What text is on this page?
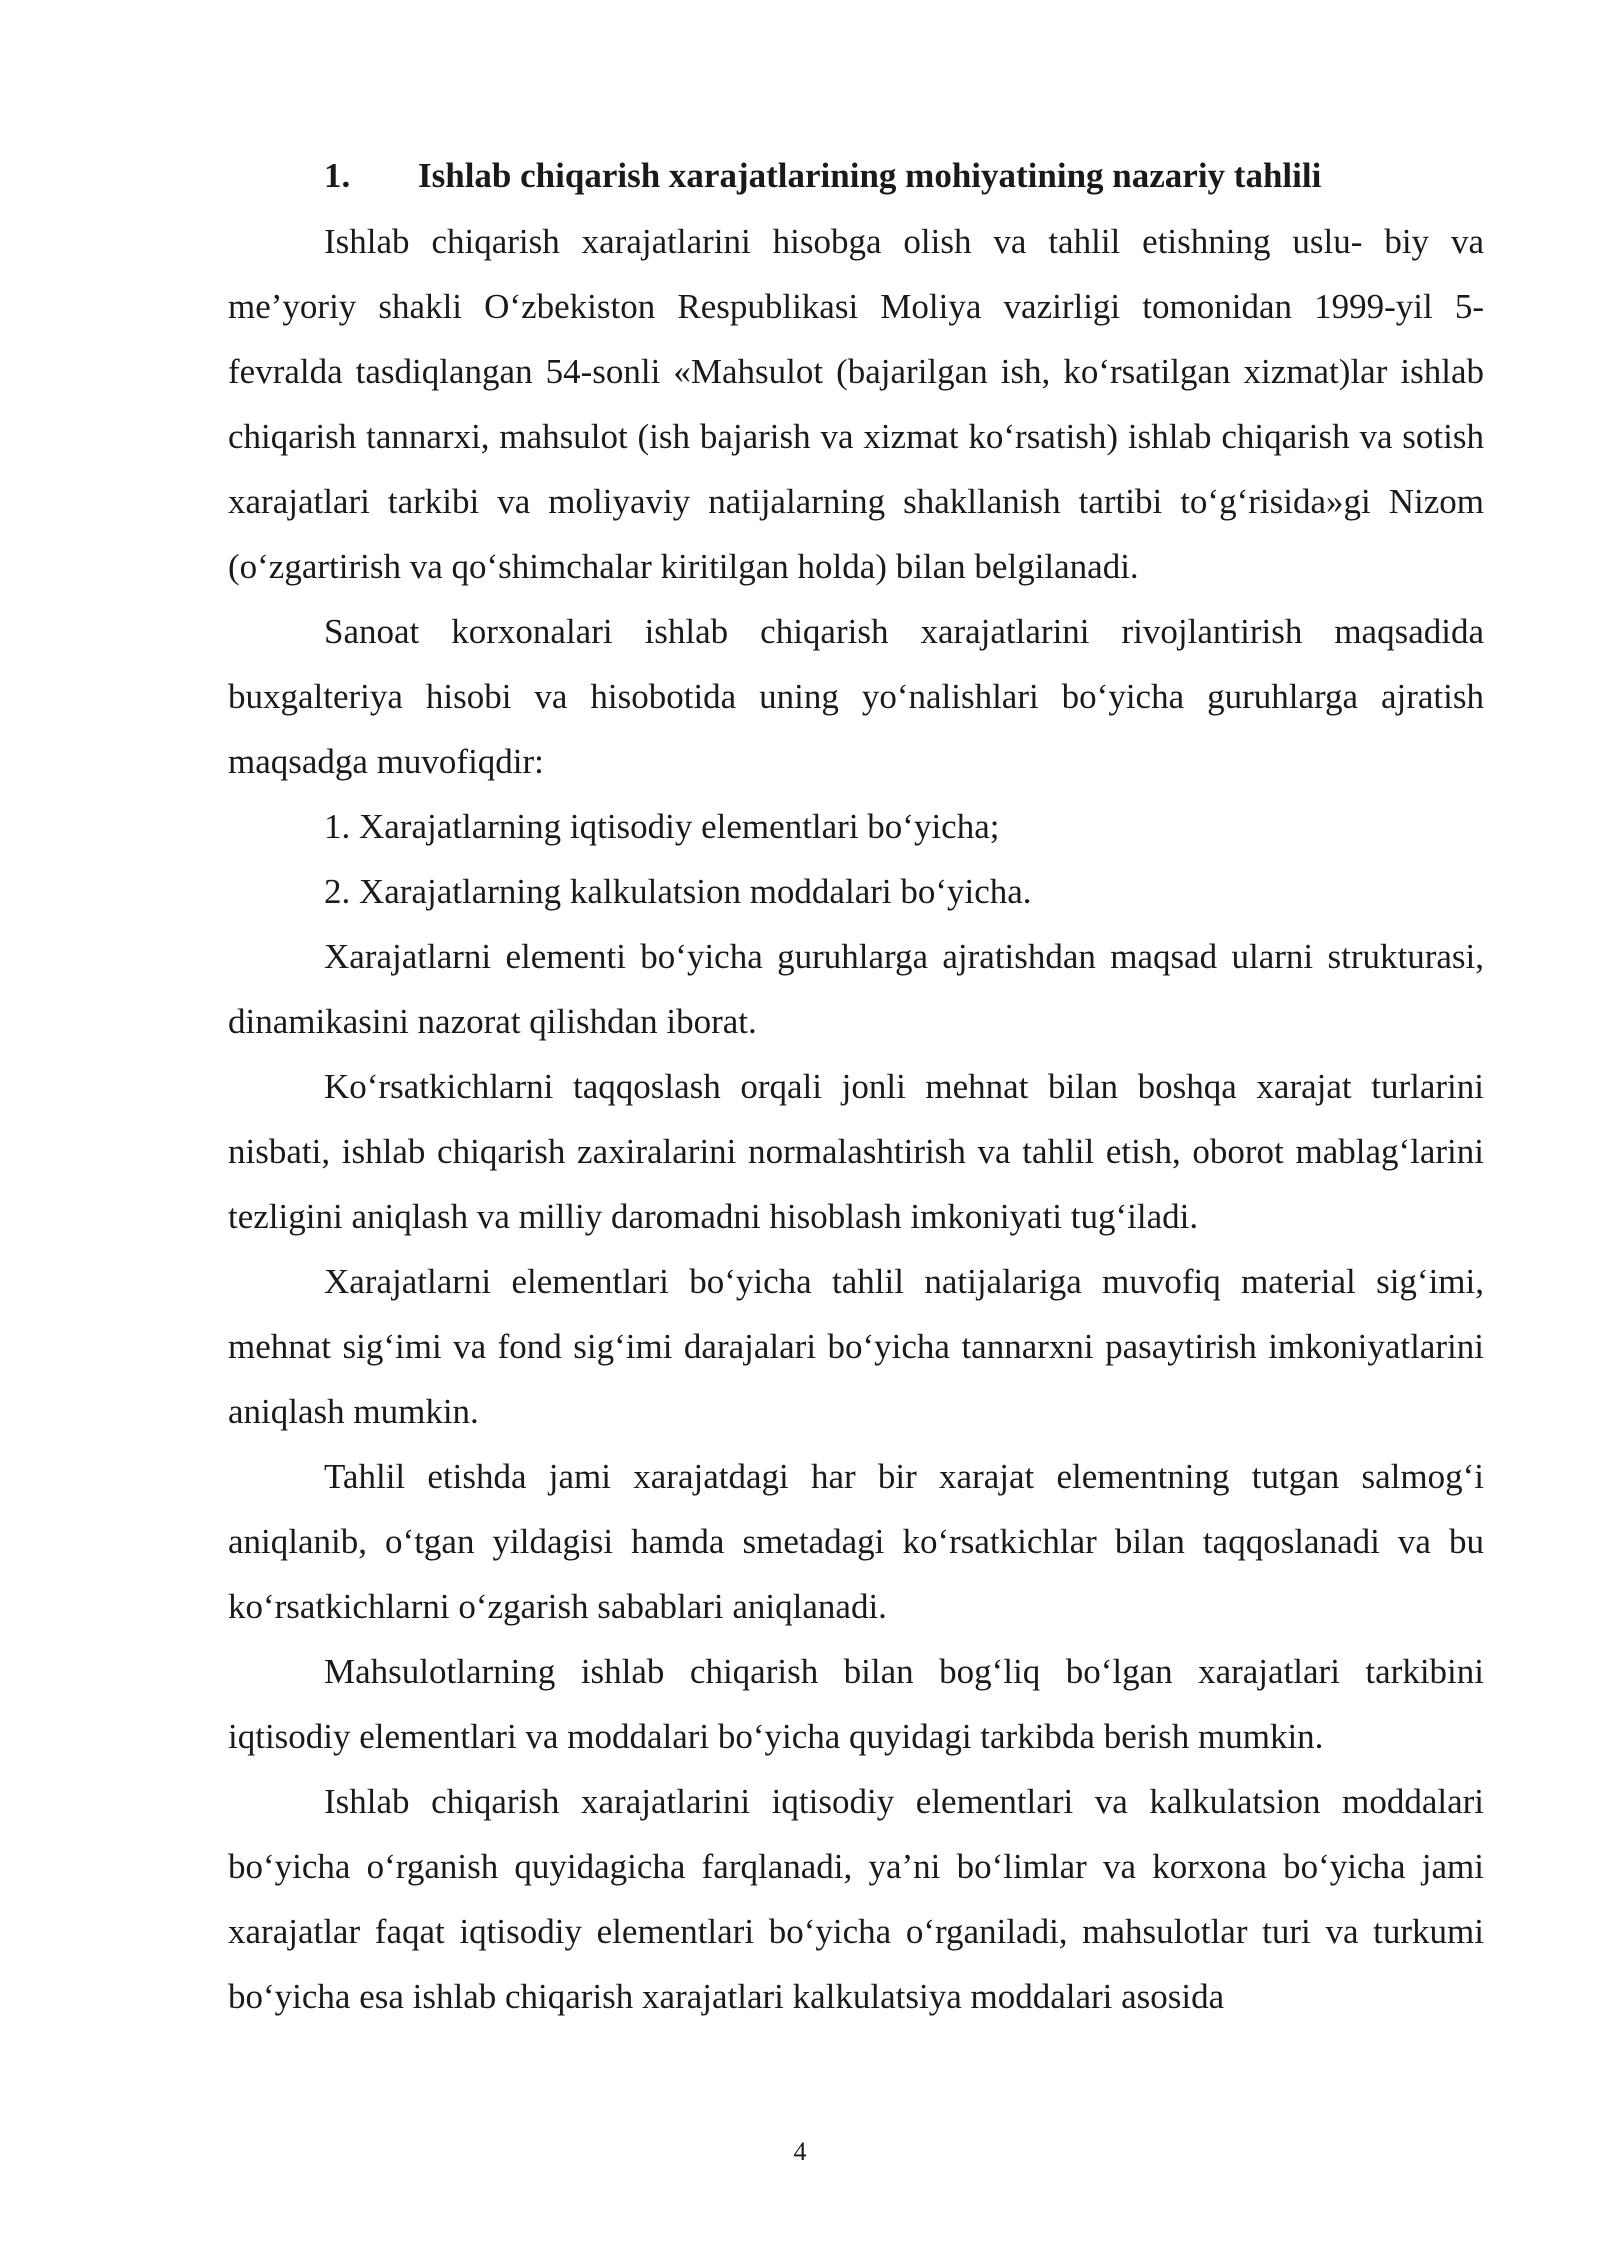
1. Ishlab chiqarish xarajatlarining mohiyatining nazariy tahlili

Ishlab chiqarish xarajatlarini hisobga olish va tahlil etishning uslu- biy va me’yoriy shakli O‘zbekiston Respublikasi Moliya vazirligi tomonidan 1999-yil 5-fevralda tasdiqlangan 54-sonli «Mahsulot (bajarilgan ish, ko‘rsatilgan xizmat)lar ishlab chiqarish tannarxi, mahsulot (ish bajarish va xizmat ko‘rsatish) ishlab chiqarish va sotish xarajatlari tarkibi va moliyaviy natijalarning shakllanish tartibi to‘g‘risida»gi Nizom (o‘zgartirish va qo‘shimchalar kiritilgan holda) bilan belgilanadi.

Sanoat korxonalari ishlab chiqarish xarajatlarini rivojlantirish maqsadida buxgalteriya hisobi va hisobotida uning yo‘nalishlari bo‘yicha guruhlarga ajratish maqsadga muvofiqdir:

1. Xarajatlarning iqtisodiy elementlari bo‘yicha;

2. Xarajatlarning kalkulatsion moddalari bo‘yicha.

Xarajatlarni elementi bo‘yicha guruhlarga ajratishdan maqsad ularni strukturasi, dinamikasini nazorat qilishdan iborat.

Ko‘rsatkichlarni taqqoslash orqali jonli mehnat bilan boshqa xarajat turlarini nisbati, ishlab chiqarish zaxiralarini normalashtirish va tahlil etish, oborot mablag‘larini tezligini aniqlash va milliy daromadni hisoblash imkoniyati tug‘iladi.

Xarajatlarni elementlari bo‘yicha tahlil natijalariga muvofiq material sig‘imi, mehnat sig‘imi va fond sig‘imi darajalari bo‘yicha tannarxni pasaytirish imkoniyatlarini aniqlash mumkin.

Tahlil etishda jami xarajatdagi har bir xarajat elementning tutgan salmog‘i aniqlanib, o‘tgan yildagisi hamda smetadagi ko‘rsatkichlar bilan taqqoslanadi va bu ko‘rsatkichlarni o‘zgarish sabablari aniqlanadi.

Mahsulotlarning ishlab chiqarish bilan bog‘liq bo‘lgan xarajatlari tarkibini iqtisodiy elementlari va moddalari bo‘yicha quyidagi tarkibda berish mumkin.

Ishlab chiqarish xarajatlarini iqtisodiy elementlari va kalkulatsion moddalari bo‘yicha o‘rganish quyidagicha farqlanadi, ya’ni bo‘limlar va korxona bo‘yicha jami xarajatlar faqat iqtisodiy elementlari bo‘yicha o‘rganiladi, mahsulotlar turi va turkumi bo‘yicha esa ishlab chiqarish xarajatlari kalkulatsiya moddalari asosida

4
